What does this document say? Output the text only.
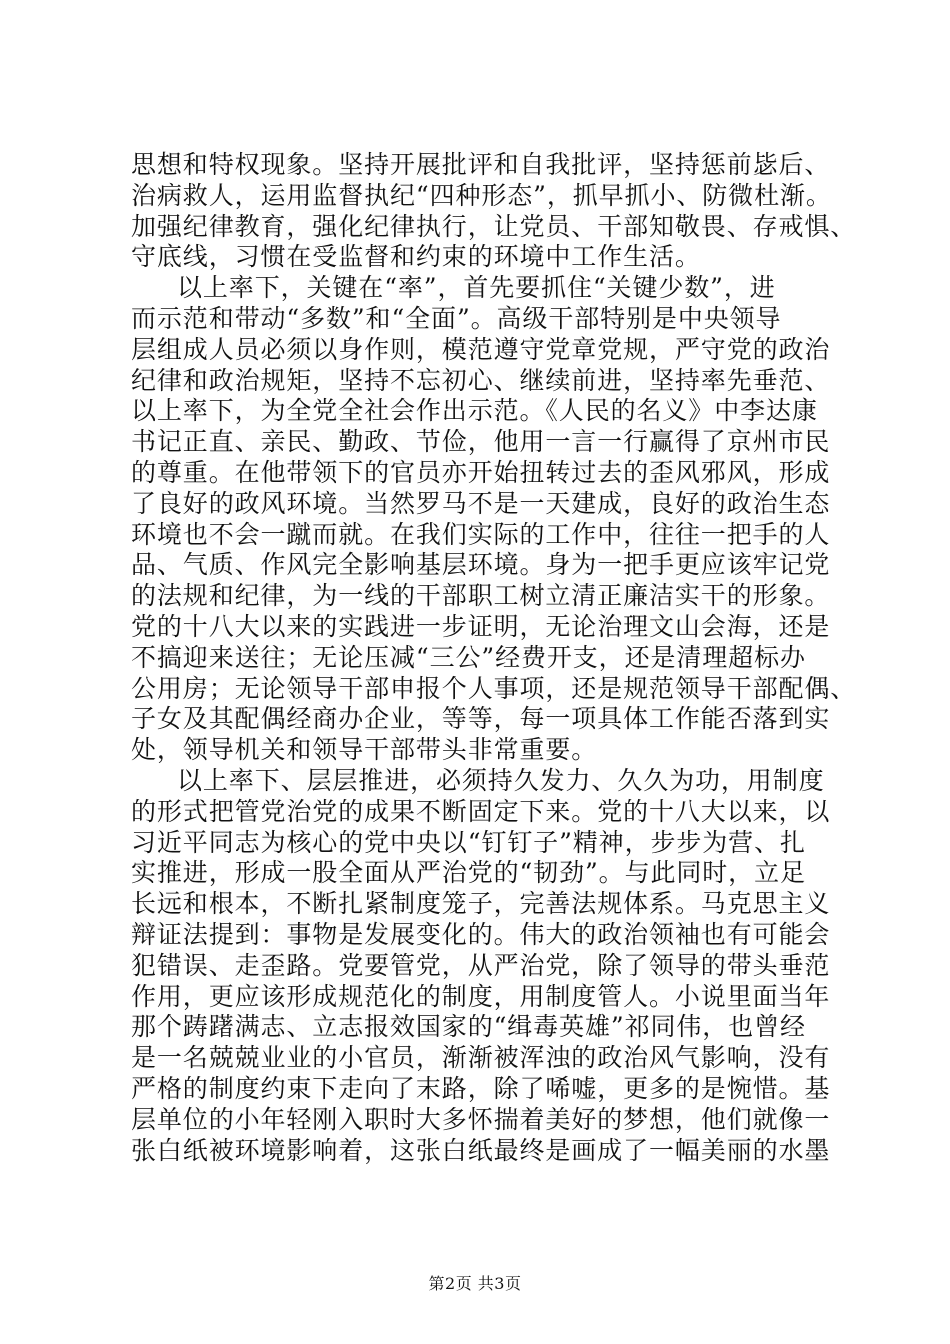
思想和特权现象。坚持开展批评和自我批评，坚持惩前毖后、
治病救人，运用监督执纪“四种形态”，抓早抓小、防微杜渐。
加强纪律教育，强化纪律执行，让党员、干部知敬畏、存戒惧、
守底线，习惯在受监督和约束的环境中工作生活。
以上率下，关键在“率”，首先要抓住“关键少数”，进
而示范和带动“多数”和“全面”。高级干部特别是中央领导
层组成人员必须以身作则，模范遵守党章党规，严守党的政治
纪律和政治规矩，坚持不忘初心、继续前进，坚持率先垂范、
以上率下，为全党全社会作出示范。《人民的名义》中李达康
书记正直、亲民、勤政、节俭，他用一言一行赢得了京州市民
的尊重。在他带领下的官员亦开始扭转过去的歪风邪风，形成
了良好的政风环境。当然罗马不是一天建成，良好的政治生态
环境也不会一蹴而就。在我们实际的工作中，往往一把手的人
品、气质、作风完全影响基层环境。身为一把手更应该牢记党
的法规和纪律，为一线的干部职工树立清正廉洁实干的形象。
党的十八大以来的实践进一步证明，无论治理文山会海，还是
不搞迎来送往；无论压减“三公”经费开支，还是清理超标办
公用房；无论领导干部申报个人事项，还是规范领导干部配偶、
子女及其配偶经商办企业，等等，每一项具体工作能否落到实
处，领导机关和领导干部带头非常重要。
以上率下、层层推进，必须持久发力、久久为功，用制度
的形式把管党治党的成果不断固定下来。党的十八大以来，以
习近平同志为核心的党中央以“钉钉子”精神，步步为营、扎
实推进，形成一股全面从严治党的“韧劲”。与此同时，立足
长远和根本，不断扎紧制度笼子，完善法规体系。马克思主义
辩证法提到：事物是发展变化的。伟大的政治领袖也有可能会
犯错误、走歪路。党要管党，从严治党，除了领导的带头垂范
作用，更应该形成规范化的制度，用制度管人。小说里面当年
那个踌躇满志、立志报效国家的“缉毒英雄”祁同伟，也曾经
是一名兢兢业业的小官员，渐渐被浑浊的政治风气影响，没有
严格的制度约束下走向了末路，除了唏嘘，更多的是惋惜。基
层单位的小年轻刚入职时大多怀揣着美好的梦想，他们就像一
张白纸被环境影响着，这张白纸最终是画成了一幅美丽的水墨
第2页 共3页
